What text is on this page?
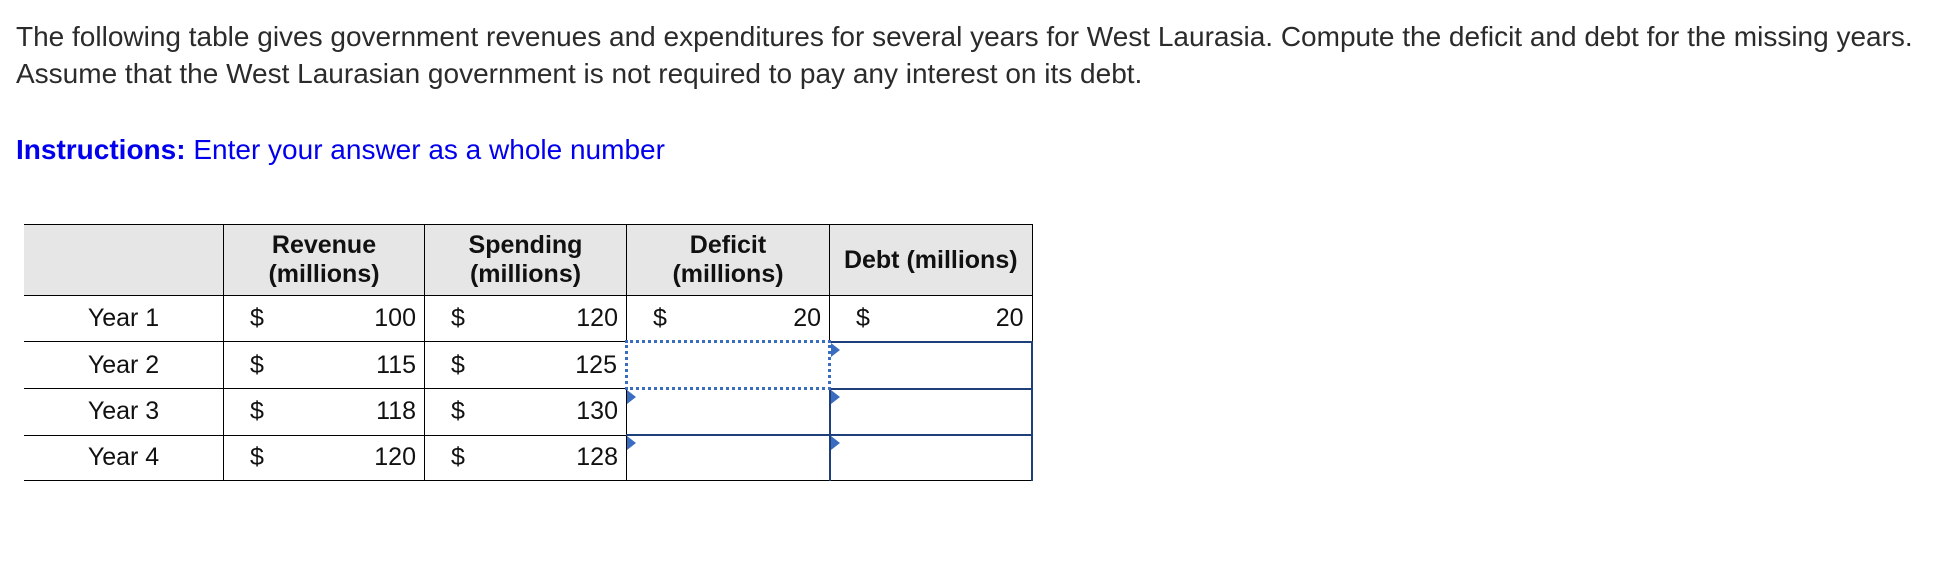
The following table gives government revenues and expenditures for several years for West Laurasia. Compute the deficit and debt for the missing years. Assume that the West Laurasian government is not required to pay any interest on its debt.

Instructions: Enter your answer as a whole number

	Revenue (millions)	Spending (millions)	Deficit (millions)	Debt (millions)
Year 1	$ 100	$ 120	$ 20	$ 20

Year 2	$ 115	$ 125

Year 3	$ 118	$ 130

Year 4	$ 120	$ 128
